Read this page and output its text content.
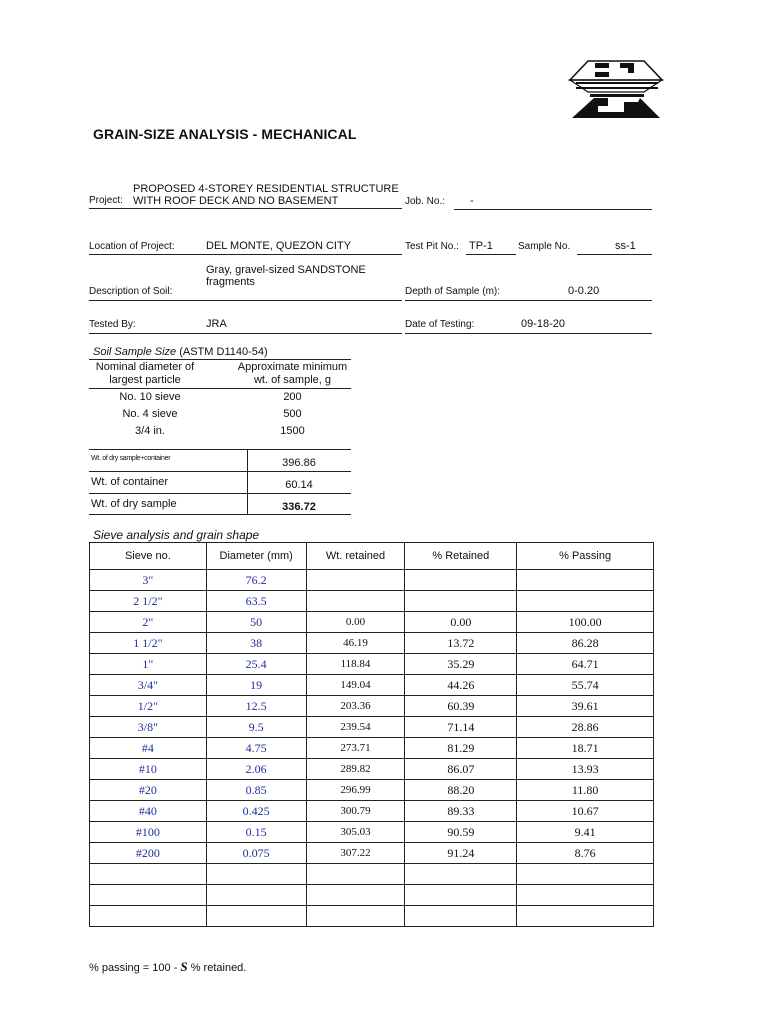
GRAIN-SIZE ANALYSIS - MECHANICAL
Project:
PROPOSED 4-STOREY RESIDENTIAL STRUCTURE
WITH ROOF DECK AND NO BASEMENT	Job. No.: -
Location of Project:	DEL MONTE, QUEZON CITY	Test Pit No.: TP-1	Sample No.	ss-1
Gray, gravel-sized SANDSTONE
fragments
Description of Soil:	Depth of Sample (m):	0-0.20
Tested By:	JRA	Date of Testing:	09-18-20
Soil Sample Size (ASTM D1140-54)
Nominal diameter of
largest particle
Approximate minimum
wt. of sample, g
No. 10 sieve	200
No. 4 sieve	500
3/4 in.	1500
Wt. of dry sample+container	396.86
Wt. of container	60.14
Wt. of dry sample	336.72
Sieve analysis and grain shape
Sieve no.	Diameter (mm)	Wt. retained	% Retained	% Passing
3"	76.2			
2 1/2"	63.5			
2"	50	0.00	0.00	100.00
1 1/2"	38	46.19	13.72	86.28
1"	25.4	118.84	35.29	64.71
3/4"	19	149.04	44.26	55.74
1/2"	12.5	203.36	60.39	39.61
3/8"	9.5	239.54	71.14	28.86
#4	4.75	273.71	81.29	18.71
#10	2.06	289.82	86.07	13.93
#20	0.85	296.99	88.20	11.80
#40	0.425	300.79	89.33	10.67
#100	0.15	305.03	90.59	9.41
#200	0.075	307.22	91.24	8.76

% passing = 100 - S % retained.
